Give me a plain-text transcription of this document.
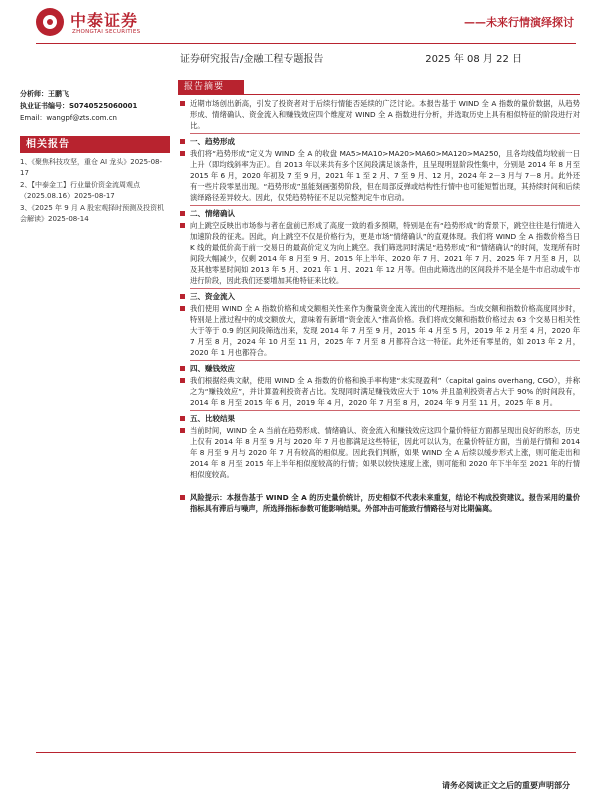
中泰证券
ZHONGTAI SECURITIES
——未来行情演绎探讨
证券研究报告/金融工程专题报告	2025 年 08 月 22 日
分析师：王鹏飞
执业证书编号：S0740525060001
Email：wangpf@zts.com.cn
相关报告
1、《聚焦科技攻坚，重仓 AI 龙头》2025-08-17
2、【中泰金工】行业量价资金流周观点（2025.08.16）2025-08-17
3、《2025 年 9 月 A 股宏观择时预测及投资机会解读》2025-08-14
报告摘要
近期市场创出新高，引发了投资者对于后续行情能否延续的广泛讨论。本报告基于 WIND 全 A 指数的量价数据，从趋势形成、情绪确认、资金流入和赚钱效应四个维度对 WIND 全 A 指数进行分析，并选取历史上具有相似特征的阶段进行对比。
一、趋势形成
我们将“趋势形成”定义为 WIND 全 A 的收盘 MA5>MA10>MA20>MA60>MA120>MA250，且各均线值均较前一日上升（即均线斜率为正）。自 2013 年以来共有多个区间段满足该条件，且呈现明显阶段性集中，分别是 2014 年 8 月至 2015 年 6 月，2020 年初及 7 至 9 月，2021 年 1 至 2 月、7 至 9 月、12 月，2024 年 2－3 月与 7－8 月。此外还有一些片段零星出现。“趋势形成”虽能刻画强势阶段，但在局部反弹或结构性行情中也可能短暂出现，其持续时间和后续演绎路径差异较大。因此，仅凭趋势特征不足以完整判定牛市启动。
二、情绪确认
向上跳空反映出市场参与者在盘前已形成了高度一致的看多预期，特别是在有“趋势形成”的背景下，跳空往往是行情进入加速阶段的征兆。因此，向上跳空不仅是价格行为，更是市场“情绪确认”的直观体现。我们将 WIND 全 A 指数价格当日 K 线的最低价高于前一交易日的最高价定义为向上跳空。我们筛选同时满足“趋势形成”和“情绪确认”的时间，发现所有时间段大幅减少，仅剩 2014 年 8 月至 9 月、2015 年上半年、2020 年 7 月、2021 年 7 月、2025 年 7 月至 8 月，以及其他零星时间如 2013 年 5 月、2021 年 1 月、2021 年 12 月等。但由此筛选出的区间段并不是全是牛市启动或牛市进行阶段，因此我们还要增加其他特征来比较。
三、资金流入
我们使用 WIND 全 A 指数价格和成交额相关性来作为衡量资金流入流出的代理指标。当成交额和指数价格高度同步时，特别是上涨过程中的成交额放大，意味着有新增“资金流入”推高价格。我们将成交额和指数价格过去 63 个交易日相关性大于等于 0.9 的区间段筛选出来，发现 2014 年 7 月至 9 月，2015 年 4 月至 5 月，2019 年 2 月至 4 月，2020 年 7 月至 8 月，2024 年 10 月至 11 月，2025 年 7 月至 8 月都符合这一特征。此外还有零星的，如 2013 年 2 月，2020 年 1 月也都符合。
四、赚钱效应
我们根据经典文献，使用 WIND 全 A 指数的价格和换手率构建“未实现盈利”（capital gains overhang, CGO），并称之为“赚钱效应”，并计算盈利投资者占比。发现同时满足赚钱效应大于 10% 并且盈利投资者占大于 90% 的时间段有，2014 年 8 月至 2015 年 6 月，2019 年 4 月，2020 年 7 月至 8 月，2024 年 9 月至 11 月，2025 年 8 月。
五、比较结果
当前时间，WIND 全 A 当前在趋势形成、情绪确认、资金流入和赚钱效应这四个量价特征方面都呈现出良好的形态，历史上仅有 2014 年 8 月至 9 月与 2020 年 7 月也都满足这些特征，因此可以认为，在量价特征方面，当前是行情和 2014 年 8 月至 9 月与 2020 年 7 月有较高的相似度。因此我们判断，如果 WIND 全 A 后续以缓步形式上涨，则可能走出和 2014 年 8 月至 2015 年上半年相似度较高的行情；如果以较快速度上涨，则可能和 2020 年下半年至 2021 年的行情相似度较高。
风险提示：本报告基于 WIND 全 A 的历史量价统计，历史相似不代表未来重复，结论不构成投资建议。报告采用的量价指标具有滞后与噪声，所选择指标参数可能影响结果。外部冲击可能致行情路径与对比期偏离。
请务必阅读正文之后的重要声明部分
